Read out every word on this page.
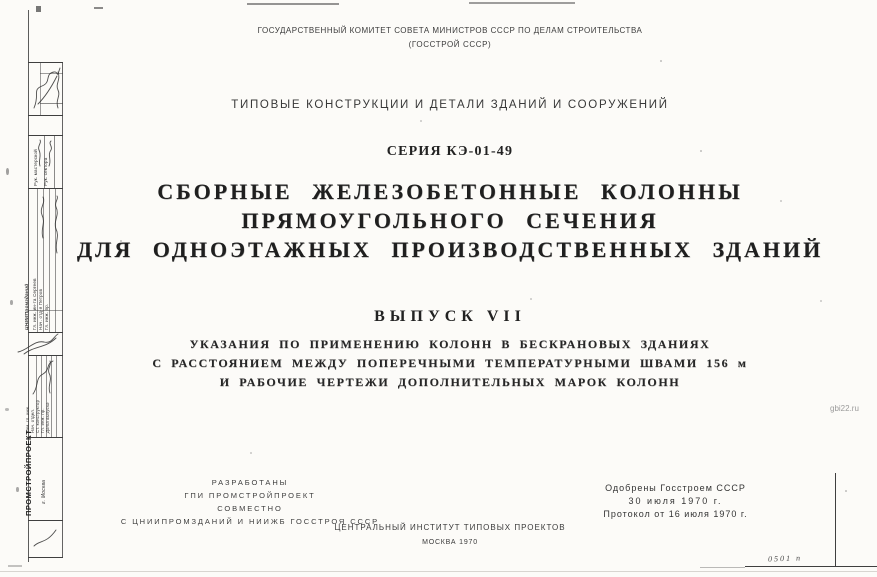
ГОСУДАРСТВЕННЫЙ КОМИТЕТ СОВЕТА МИНИСТРОВ СССР ПО ДЕЛАМ СТРОИТЕЛЬСТВА
(ГОССТРОЙ СССР)
ТИПОВЫЕ КОНСТРУКЦИИ И ДЕТАЛИ ЗДАНИЙ И СООРУЖЕНИЙ
СЕРИЯ КЭ-01-49
СБОРНЫЕ ЖЕЛЕЗОБЕТОННЫЕ КОЛОННЫ
ПРЯМОУГОЛЬНОГО СЕЧЕНИЯ
ДЛЯ ОДНОЭТАЖНЫХ ПРОИЗВОДСТВЕННЫХ ЗДАНИЙ
ВЫПУСК VII
УКАЗАНИЯ ПО ПРИМЕНЕНИЮ КОЛОНН В БЕСКРАНОВЫХ ЗДАНИЯХ
С РАССТОЯНИЕМ МЕЖДУ ПОПЕРЕЧНЫМИ ТЕМПЕРАТУРНЫМИ ШВАМИ 156 м
И РАБОЧИЕ ЧЕРТЕЖИ ДОПОЛНИТЕЛЬНЫХ МАРОК КОЛОНН
РАЗРАБОТАНЫ
ГПИ ПРОМСТРОЙПРОЕКТ
СОВМЕСТНО
С ЦНИИПРОМЗДАНИЙ И НИИЖБ ГОССТРОЯ СССР
Одобрены Госстроем СССР
30 июля 1970 г.
Протокол от 16 июля 1970 г.
ЦЕНТРАЛЬНЫЙ ИНСТИТУТ ТИПОВЫХ ПРОЕКТОВ
МОСКВА 1970
gbi22.ru
0501 п
Рук. мастерской Рук. сектора
ЦНИИПромзданий Гл. инж. ин-та Сергеев Нач. отд-я Петров Гл. инж. пр.
Зам. гл. инж. Нач. отдел. Ст. конструктор Гл. инж. пр. Дата выпуска
ПРОМСТРОЙПРОЕКТ г. Москва
